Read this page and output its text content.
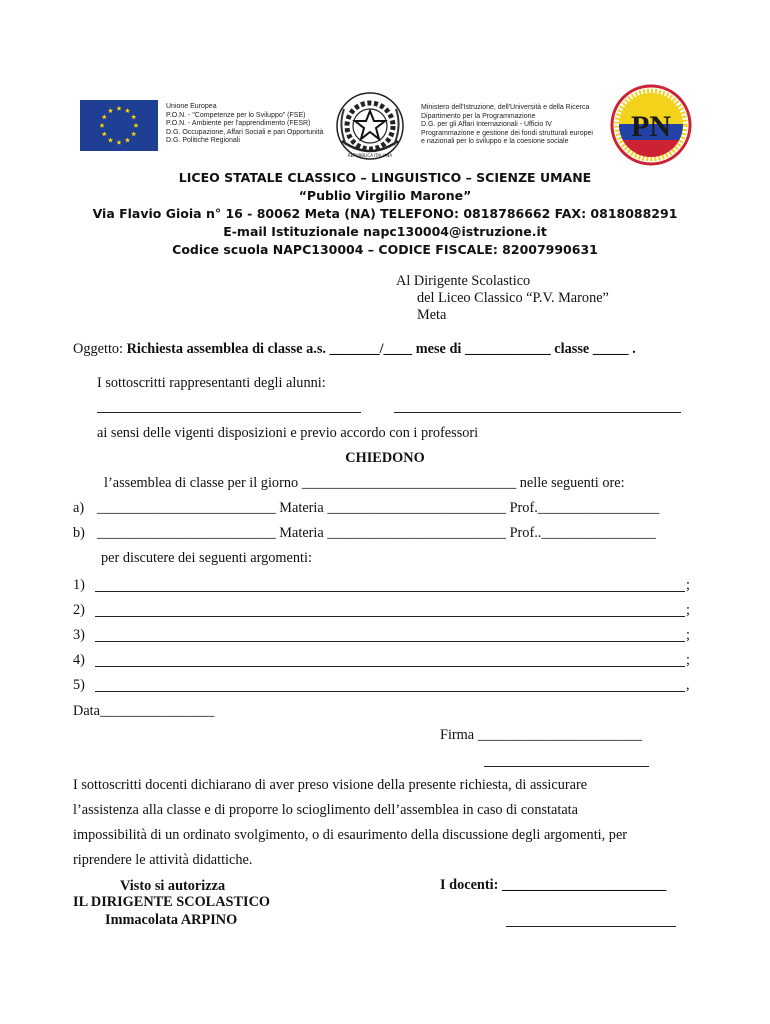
Unione Europea
P.O.N. - "Competenze per lo Sviluppo" (FSE)
P.O.N. - Ambiente per l'apprendimento (FESR)
D.G. Occupazione, Affari Sociali e pari Opportunità
D.G. Politiche Regionali
REPUBBLICA ITALIANA
Ministero dell'Istruzione, dell'Università e della Ricerca
Dipartimento per la Programmazione
D.G. per gli Affari Internazionali - Ufficio IV
Programmazione e gestione dei fondi strutturali europei
e nazionali per lo sviluppo e la coesione sociale	PN
LICEO STATALE CLASSICO – LINGUISTICO – SCIENZE UMANE
“Publio Virgilio Marone”
Via Flavio Gioia n° 16 - 80062 Meta (NA) TELEFONO: 0818786662 FAX: 0818088291
E-mail Istituzionale napc130004@istruzione.it
Codice scuola NAPC130004 – CODICE FISCALE: 82007990631
Al Dirigente Scolastico
del Liceo Classico “P.V. Marone”
Meta
Oggetto: Richiesta assemblea di classe a.s. _______/____ mese di ____________ classe _____ .
I sottoscritti rappresentanti degli alunni:
ai sensi delle vigenti disposizioni e previo accordo con i professori
CHIEDONO
l’assemblea di classe per il giorno ______________________________ nelle seguenti ore:
a) _________________________ Materia _________________________ Prof._________________
b) _________________________ Materia _________________________ Prof..________________
per discutere dei seguenti argomenti:
1)	;
2)	;
3)	;
4)	;
5)	,
Data________________
Firma _______________________
I sottoscritti docenti dichiarano di aver preso visione della presente richiesta, di assicurare
l’assistenza alla classe e di proporre lo scioglimento dell’assemblea in caso di constatata
impossibilità di un ordinato svolgimento, o di esaurimento della discussione degli argomenti, per
riprendere le attività didattiche.
Visto si autorizza
IL DIRIGENTE SCOLASTICO
Immacolata ARPINO
I docenti: _______________________
